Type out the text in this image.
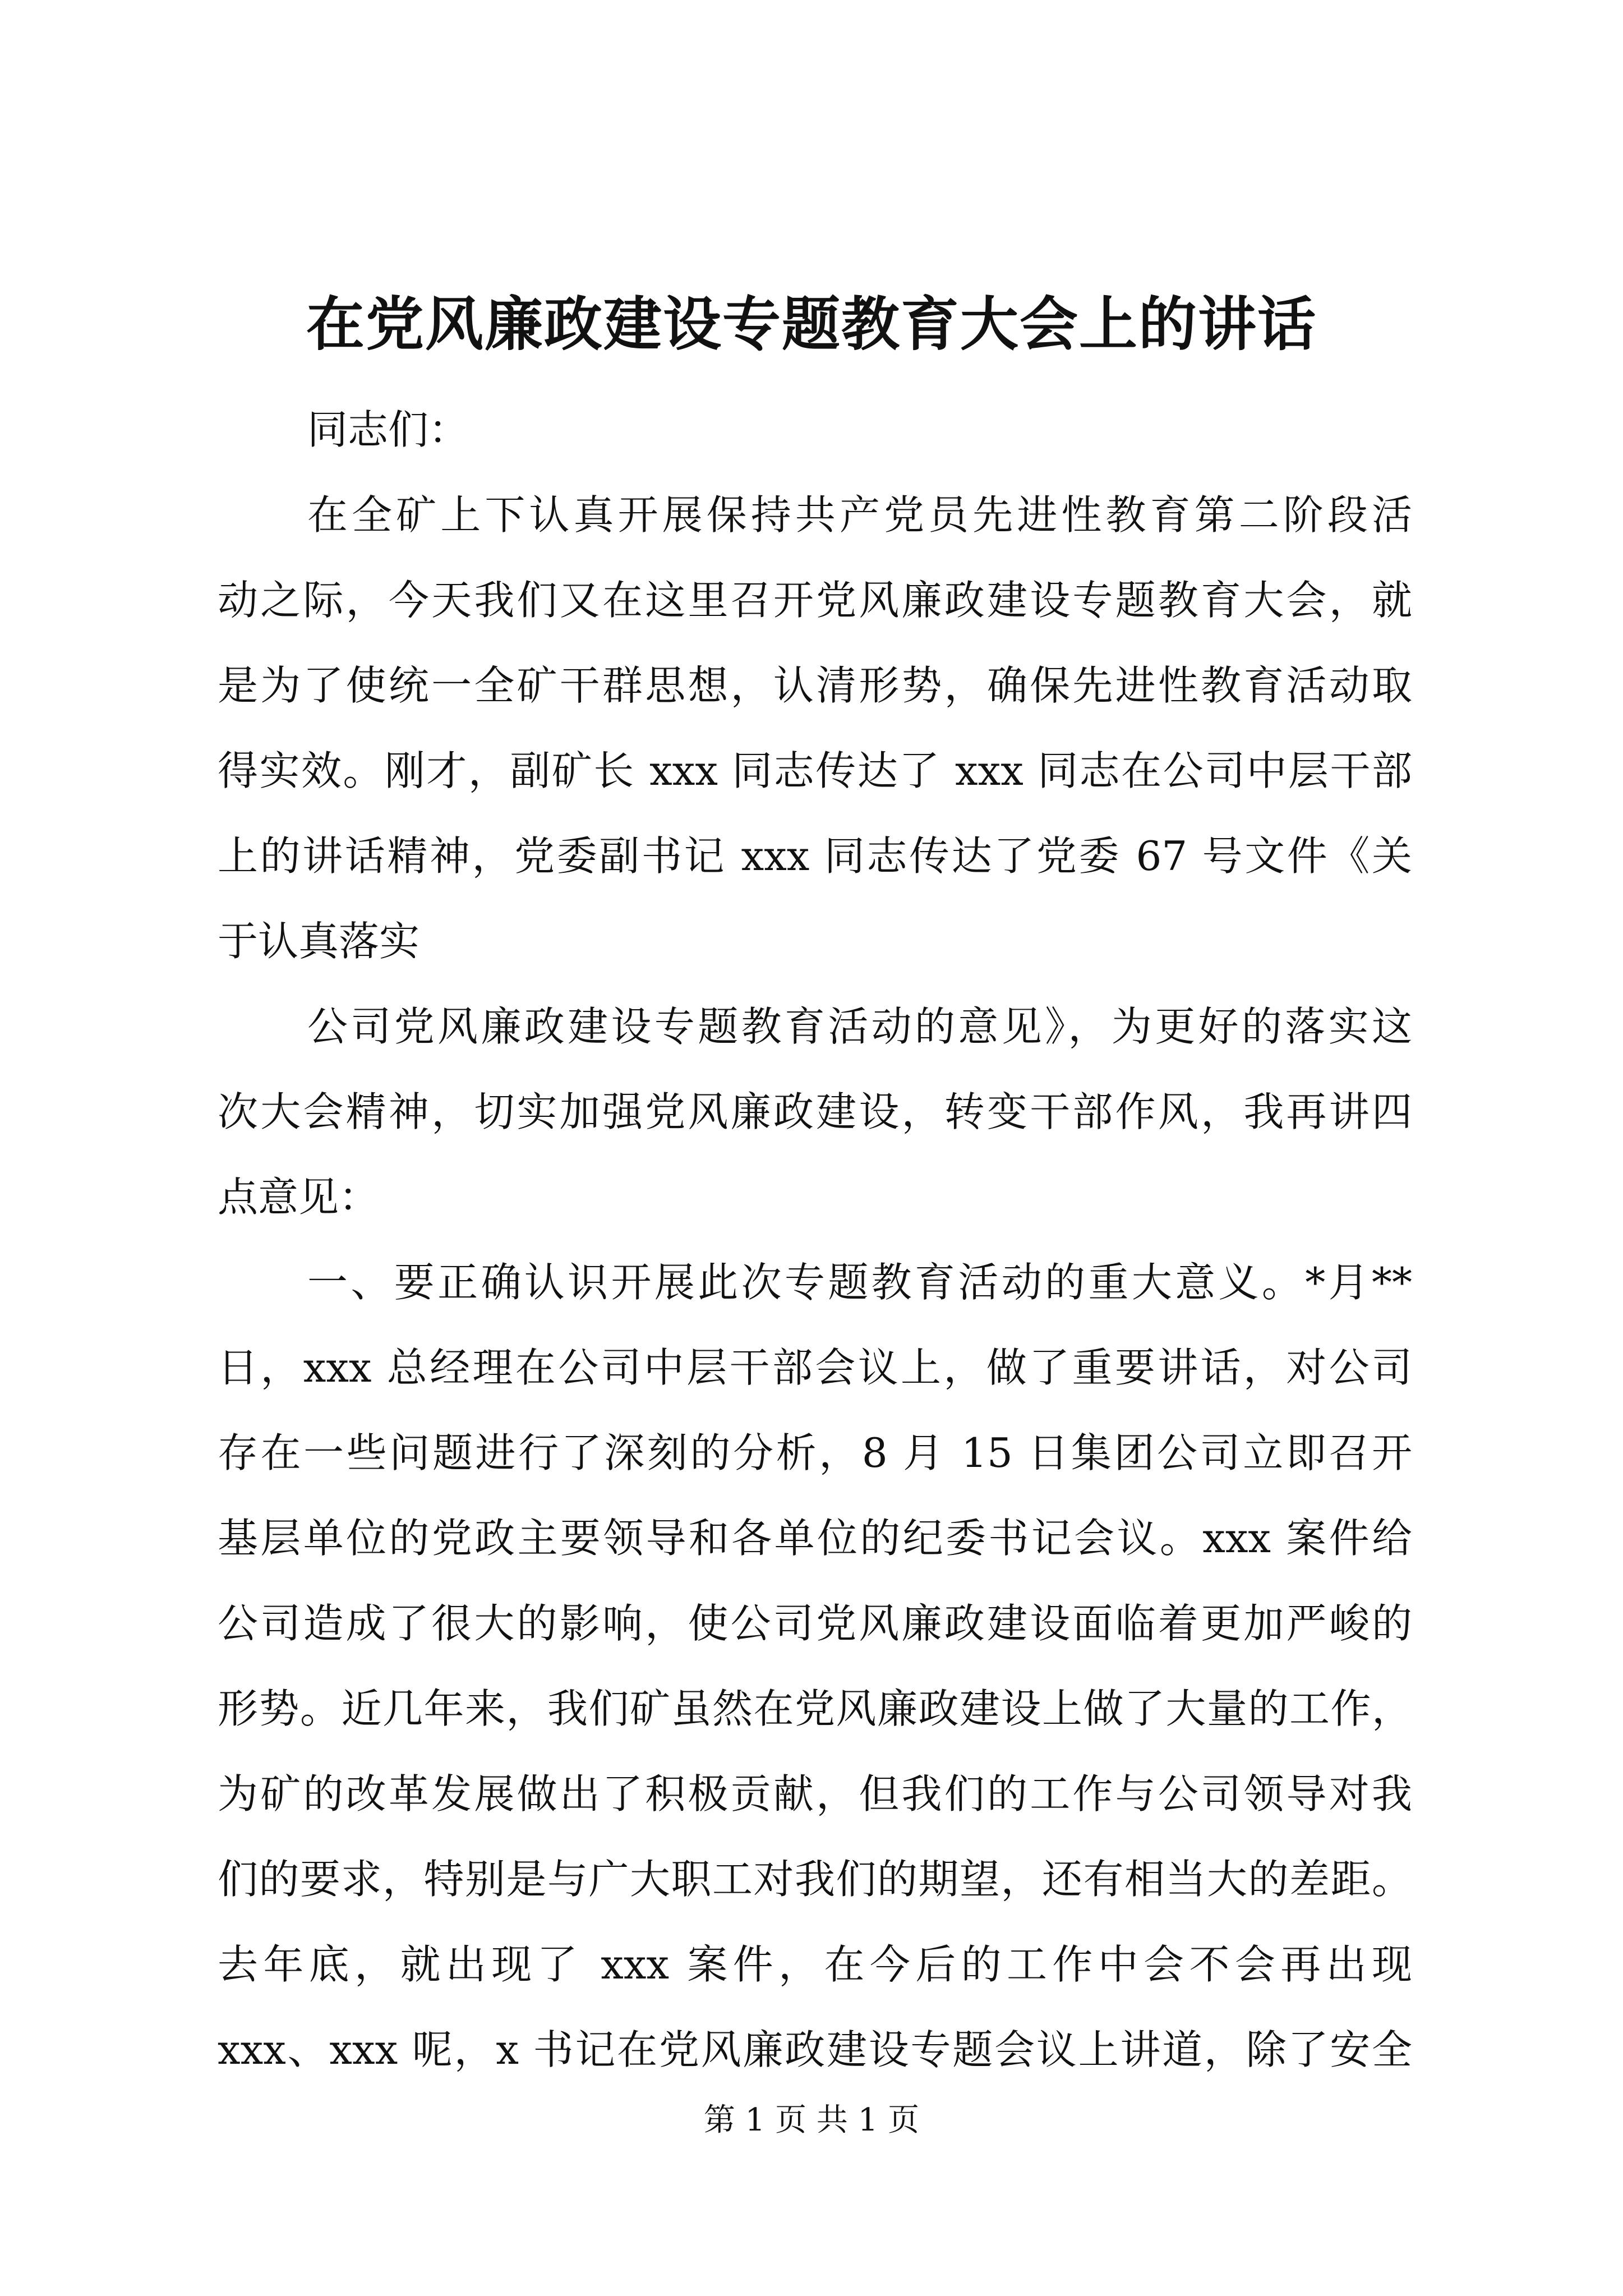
在党风廉政建设专题教育大会上的讲话
同志们：
在全矿上下认真开展保持共产党员先进性教育第二阶段活
动之际，今天我们又在这里召开党风廉政建设专题教育大会，就
是为了使统一全矿干群思想，认清形势，确保先进性教育活动取
得实效。刚才，副矿长 xxx 同志传达了 xxx 同志在公司中层干部
上的讲话精神，党委副书记 xxx 同志传达了党委 67 号文件《关
于认真落实
公司党风廉政建设专题教育活动的意见》，为更好的落实这
次大会精神，切实加强党风廉政建设，转变干部作风，我再讲四
点意见：
一、要正确认识开展此次专题教育活动的重大意义。*月**
日，xxx 总经理在公司中层干部会议上，做了重要讲话，对公司
存在一些问题进行了深刻的分析，8 月 15 日集团公司立即召开
基层单位的党政主要领导和各单位的纪委书记会议。xxx 案件给
公司造成了很大的影响，使公司党风廉政建设面临着更加严峻的
形势。近几年来，我们矿虽然在党风廉政建设上做了大量的工作，
为矿的改革发展做出了积极贡献，但我们的工作与公司领导对我
们的要求，特别是与广大职工对我们的期望，还有相当大的差距。
去年底，就出现了 xxx 案件，在今后的工作中会不会再出现
xxx、xxx 呢，x 书记在党风廉政建设专题会议上讲道，除了安全
第 1 页 共 1 页
